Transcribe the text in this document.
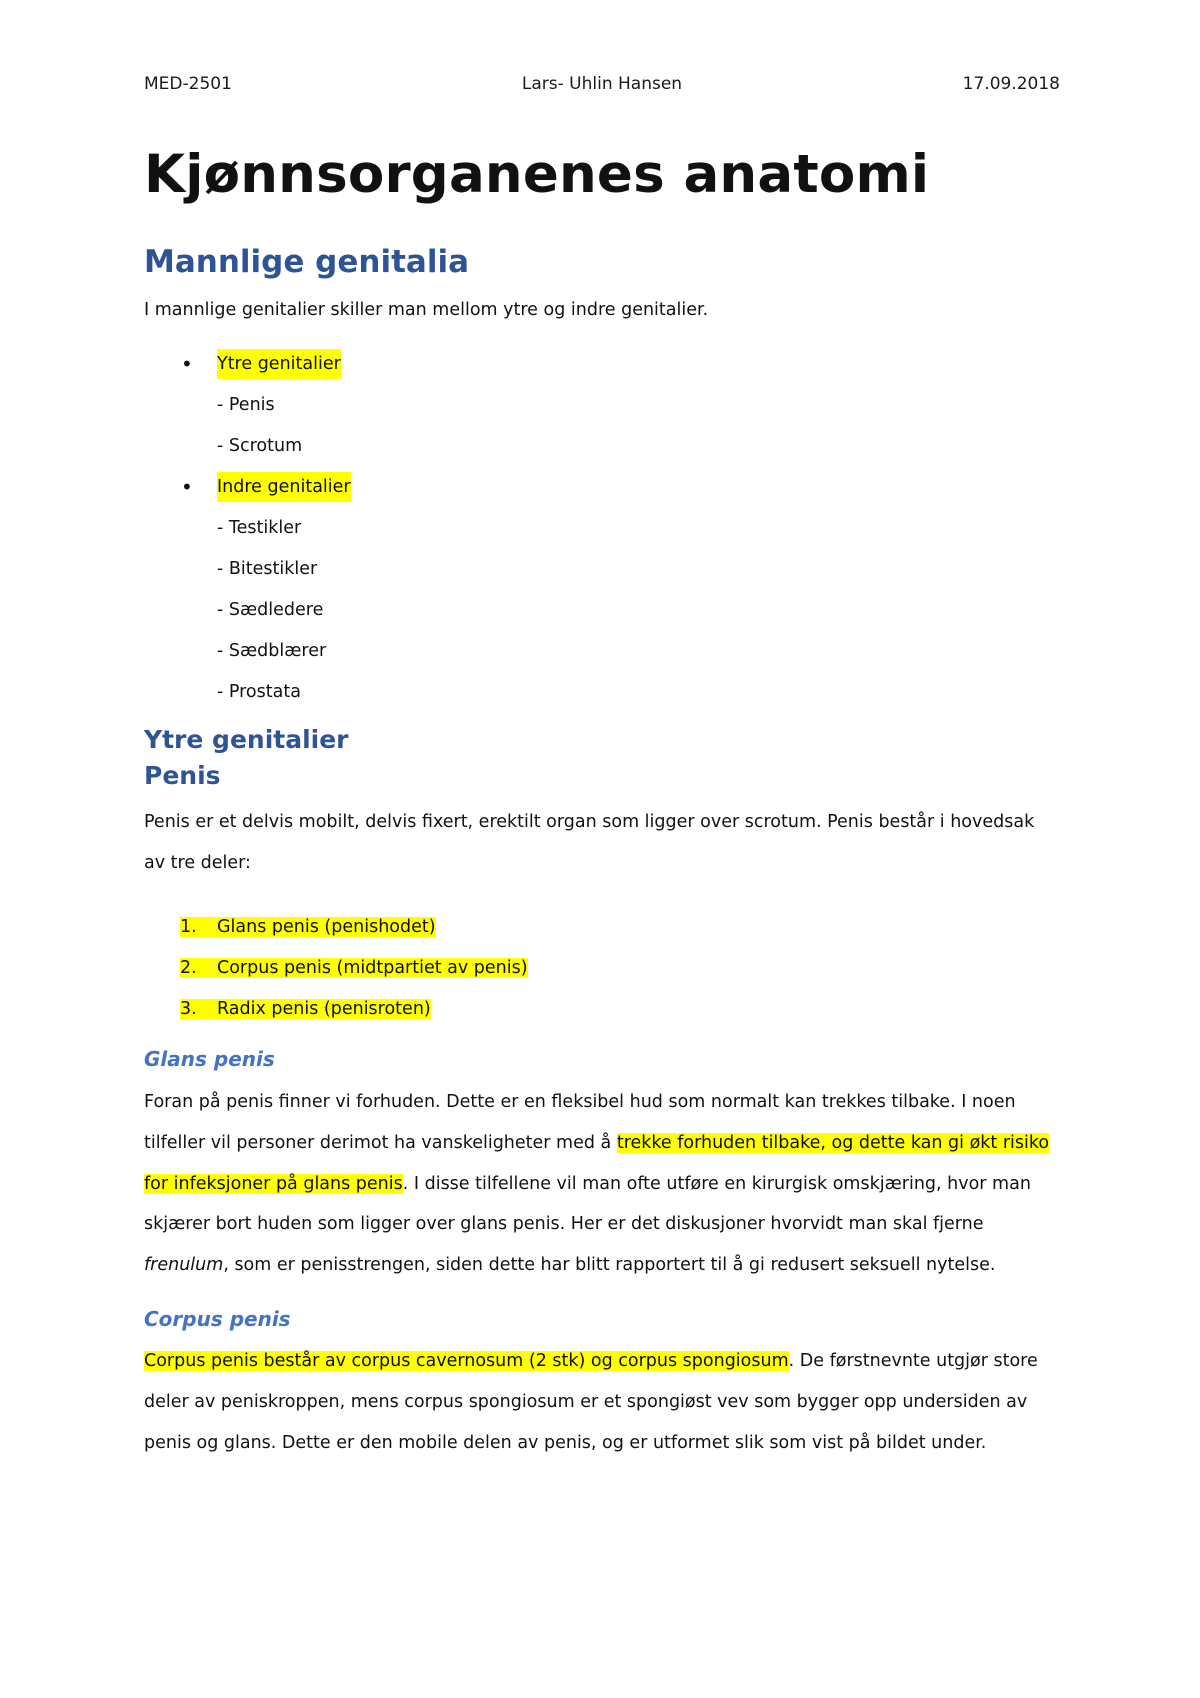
MED-2501	Lars- Uhlin Hansen	17.09.2018
Kjønnsorganenes anatomi
Mannlige genitalia
I mannlige genitalier skiller man mellom ytre og indre genitalier.
• Ytre genitalier
- Penis
- Scrotum
• Indre genitalier
- Testikler
- Bitestikler
- Sædledere
- Sædblærer
- Prostata
Ytre genitalier
Penis
Penis er et delvis mobilt, delvis fixert, erektilt organ som ligger over scrotum. Penis består i hovedsak av tre deler:
1. Glans penis (penishodet)
2. Corpus penis (midtpartiet av penis)
3. Radix penis (penisroten)
Glans penis
Foran på penis finner vi forhuden. Dette er en fleksibel hud som normalt kan trekkes tilbake. I noen tilfeller vil personer derimot ha vanskeligheter med å trekke forhuden tilbake, og dette kan gi økt risiko for infeksjoner på glans penis. I disse tilfellene vil man ofte utføre en kirurgisk omskjæring, hvor man skjærer bort huden som ligger over glans penis. Her er det diskusjoner hvorvidt man skal fjerne frenulum, som er penisstrengen, siden dette har blitt rapportert til å gi redusert seksuell nytelse.
Corpus penis
Corpus penis består av corpus cavernosum (2 stk) og corpus spongiosum. De førstnevnte utgjør store deler av peniskroppen, mens corpus spongiosum er et spongiøst vev som bygger opp undersiden av penis og glans. Dette er den mobile delen av penis, og er utformet slik som vist på bildet under.
